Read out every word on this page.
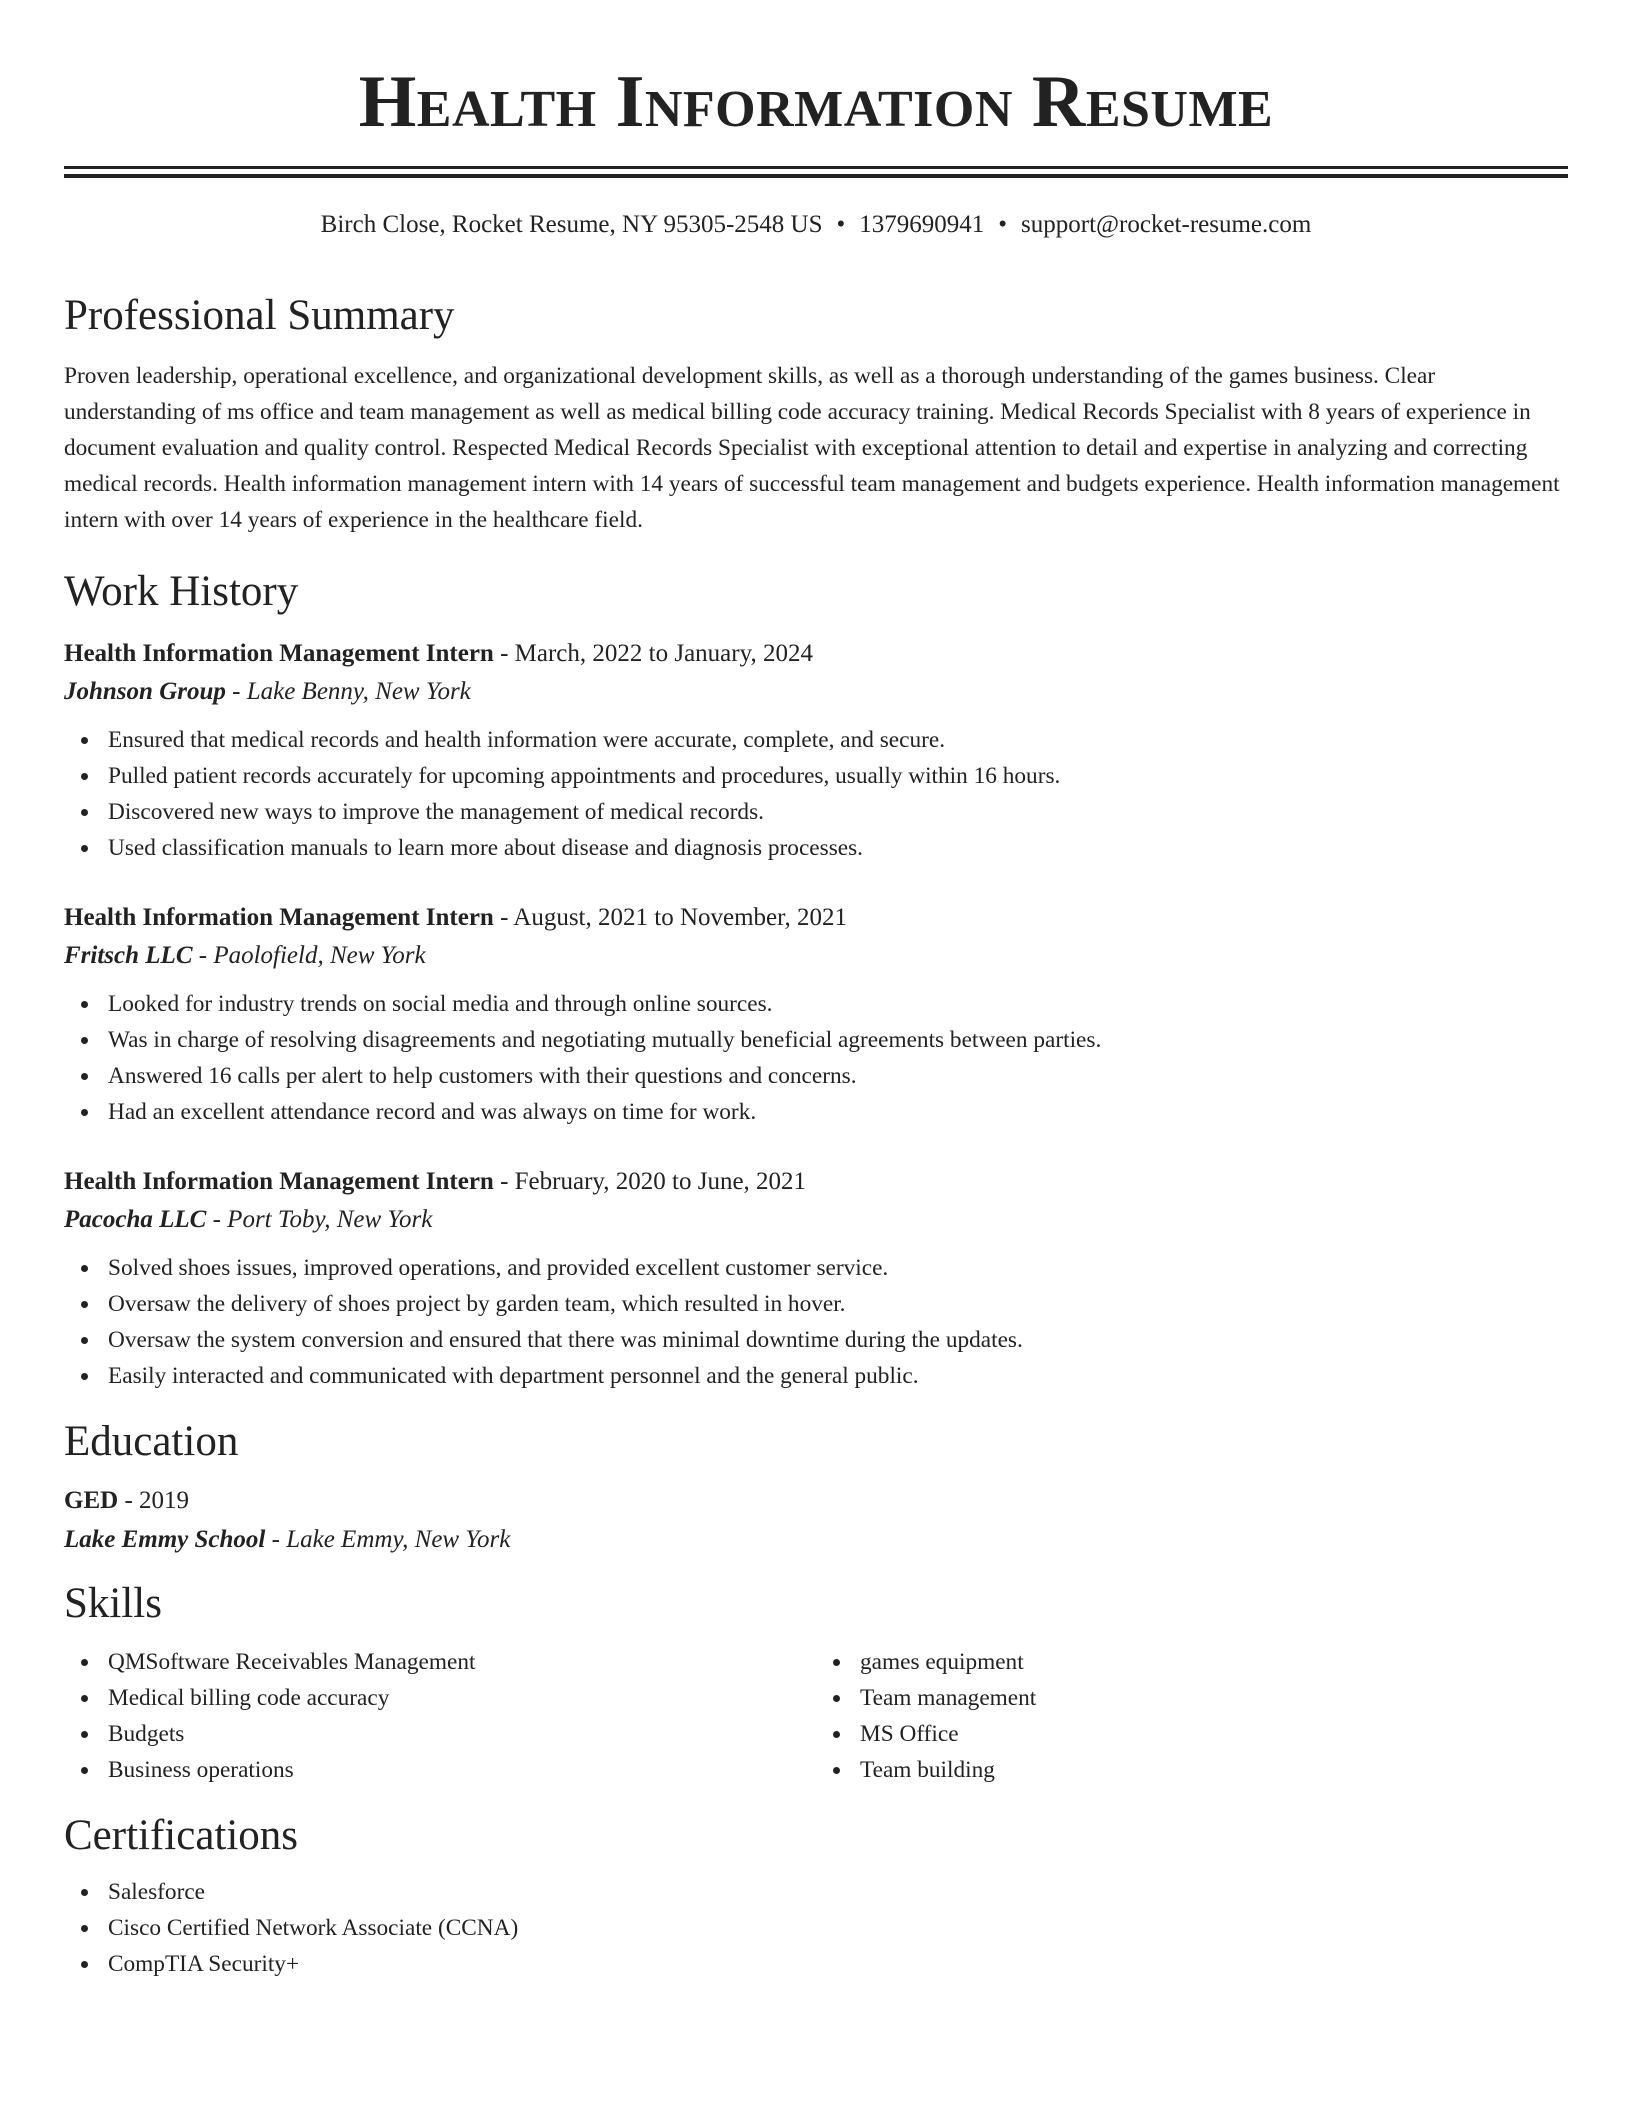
Health Information Resume
Birch Close, Rocket Resume, NY 95305-2548 US • 1379690941 • support@rocket-resume.com
Professional Summary

Proven leadership, operational excellence, and organizational development skills, as well as a thorough understanding of the games business. Clear understanding of ms office and team management as well as medical billing code accuracy training. Medical Records Specialist with 8 years of experience in document evaluation and quality control. Respected Medical Records Specialist with exceptional attention to detail and expertise in analyzing and correcting medical records. Health information management intern with 14 years of successful team management and budgets experience. Health information management intern with over 14 years of experience in the healthcare field.

Work History
Health Information Management Intern - March, 2022 to January, 2024
Johnson Group - Lake Benny, New York
Ensured that medical records and health information were accurate, complete, and secure.
Pulled patient records accurately for upcoming appointments and procedures, usually within 16 hours.
Discovered new ways to improve the management of medical records.
Used classification manuals to learn more about disease and diagnosis processes.
Health Information Management Intern - August, 2021 to November, 2021
Fritsch LLC - Paolofield, New York
Looked for industry trends on social media and through online sources.
Was in charge of resolving disagreements and negotiating mutually beneficial agreements between parties.
Answered 16 calls per alert to help customers with their questions and concerns.
Had an excellent attendance record and was always on time for work.
Health Information Management Intern - February, 2020 to June, 2021
Pacocha LLC - Port Toby, New York
Solved shoes issues, improved operations, and provided excellent customer service.
Oversaw the delivery of shoes project by garden team, which resulted in hover.
Oversaw the system conversion and ensured that there was minimal downtime during the updates.
Easily interacted and communicated with department personnel and the general public.
Education
GED - 2019
Lake Emmy School - Lake Emmy, New York
Skills
QMSoftware Receivables Management
Medical billing code accuracy
Budgets
Business operations
games equipment
Team management
MS Office
Team building
Certifications
Salesforce
Cisco Certified Network Associate (CCNA)
CompTIA Security+
